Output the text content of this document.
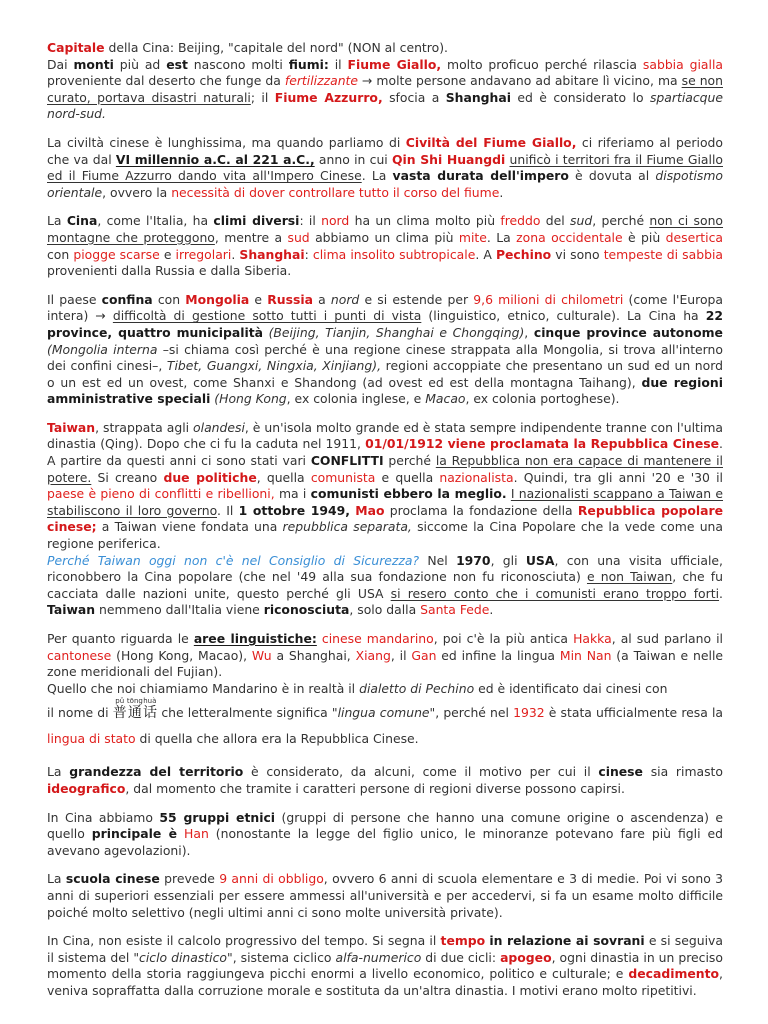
Capitale della Cina: Beijing, "capitale del nord" (NON al centro).
Dai monti più ad est nascono molti fiumi: il Fiume Giallo, molto proficuo perché rilascia sabbia gialla proveniente dal deserto che funge da fertilizzante → molte persone andavano ad abitare lì vicino, ma se non curato, portava disastri naturali; il Fiume Azzurro, sfocia a Shanghai ed è considerato lo spartiacque nord-sud.

La civiltà cinese è lunghissima, ma quando parliamo di Civiltà del Fiume Giallo, ci riferiamo al periodo che va dal VI millennio a.C. al 221 a.C., anno in cui Qin Shi Huangdi unificò i territori fra il Fiume Giallo ed il Fiume Azzurro dando vita all'Impero Cinese. La vasta durata dell'impero è dovuta al dispotismo orientale, ovvero la necessità di dover controllare tutto il corso del fiume.

La Cina, come l'Italia, ha climi diversi: il nord ha un clima molto più freddo del sud, perché non ci sono montagne che proteggono, mentre a sud abbiamo un clima più mite. La zona occidentale è più desertica con piogge scarse e irregolari. Shanghai: clima insolito subtropicale. A Pechino vi sono tempeste di sabbia provenienti dalla Russia e dalla Siberia.

Il paese confina con Mongolia e Russia a nord e si estende per 9,6 milioni di chilometri (come l'Europa intera) → difficoltà di gestione sotto tutti i punti di vista (linguistico, etnico, culturale). La Cina ha 22 province, quattro municipalità (Beijing, Tianjin, Shanghai e Chongqing), cinque province autonome (Mongolia interna –si chiama così perché è una regione cinese strappata alla Mongolia, si trova all'interno dei confini cinesi–, Tibet, Guangxi, Ningxia, Xinjiang), regioni accoppiate che presentano un sud ed un nord o un est ed un ovest, come Shanxi e Shandong (ad ovest ed est della montagna Taihang), due regioni amministrative speciali (Hong Kong, ex colonia inglese, e Macao, ex colonia portoghese).

Taiwan, strappata agli olandesi, è un'isola molto grande ed è stata sempre indipendente tranne con l'ultima dinastia (Qing). Dopo che ci fu la caduta nel 1911, 01/01/1912 viene proclamata la Repubblica Cinese. A partire da questi anni ci sono stati vari CONFLITTI perché la Repubblica non era capace di mantenere il potere. Si creano due politiche, quella comunista e quella nazionalista. Quindi, tra gli anni '20 e '30 il paese è pieno di conflitti e ribellioni, ma i comunisti ebbero la meglio. I nazionalisti scappano a Taiwan e stabiliscono il loro governo. Il 1 ottobre 1949, Mao proclama la fondazione della Repubblica popolare cinese; a Taiwan viene fondata una repubblica separata, siccome la Cina Popolare che la vede come una regione periferica.
Perché Taiwan oggi non c'è nel Consiglio di Sicurezza? Nel 1970, gli USA, con una visita ufficiale, riconobbero la Cina popolare (che nel '49 alla sua fondazione non fu riconosciuta) e non Taiwan, che fu cacciata dalle nazioni unite, questo perché gli USA si resero conto che i comunisti erano troppo forti. Taiwan nemmeno dall'Italia viene riconosciuta, solo dalla Santa Fede.

Per quanto riguarda le aree linguistiche: cinese mandarino, poi c'è la più antica Hakka, al sud parlano il cantonese (Hong Kong, Macao), Wu a Shanghai, Xiang, il Gan ed infine la lingua Min Nan (a Taiwan e nelle zone meridionali del Fujian).
Quello che noi chiamiamo Mandarino è in realtà il dialetto di Pechino ed è identificato dai cinesi con

il nome di 普pǔ通tōng话huà che letteralmente significa "lingua comune", perché nel 1932 è stata ufficialmente resa la lingua di stato di quella che allora era la Repubblica Cinese.

La grandezza del territorio è considerato, da alcuni, come il motivo per cui il cinese sia rimasto ideografico, dal momento che tramite i caratteri persone di regioni diverse possono capirsi.

In Cina abbiamo 55 gruppi etnici (gruppi di persone che hanno una comune origine o ascendenza) e quello principale è Han (nonostante la legge del figlio unico, le minoranze potevano fare più figli ed avevano agevolazioni).

La scuola cinese prevede 9 anni di obbligo, ovvero 6 anni di scuola elementare e 3 di medie. Poi vi sono 3 anni di superiori essenziali per essere ammessi all'università e per accedervi, si fa un esame molto difficile poiché molto selettivo (negli ultimi anni ci sono molte università private).

In Cina, non esiste il calcolo progressivo del tempo. Si segna il tempo in relazione ai sovrani e si seguiva il sistema del "ciclo dinastico", sistema ciclico alfa-numerico di due cicli: apogeo, ogni dinastia in un preciso momento della storia raggiungeva picchi enormi a livello economico, politico e culturale; e decadimento, veniva sopraffatta dalla corruzione morale e sostituta da un'altra dinastia. I motivi erano molto ripetitivi.
